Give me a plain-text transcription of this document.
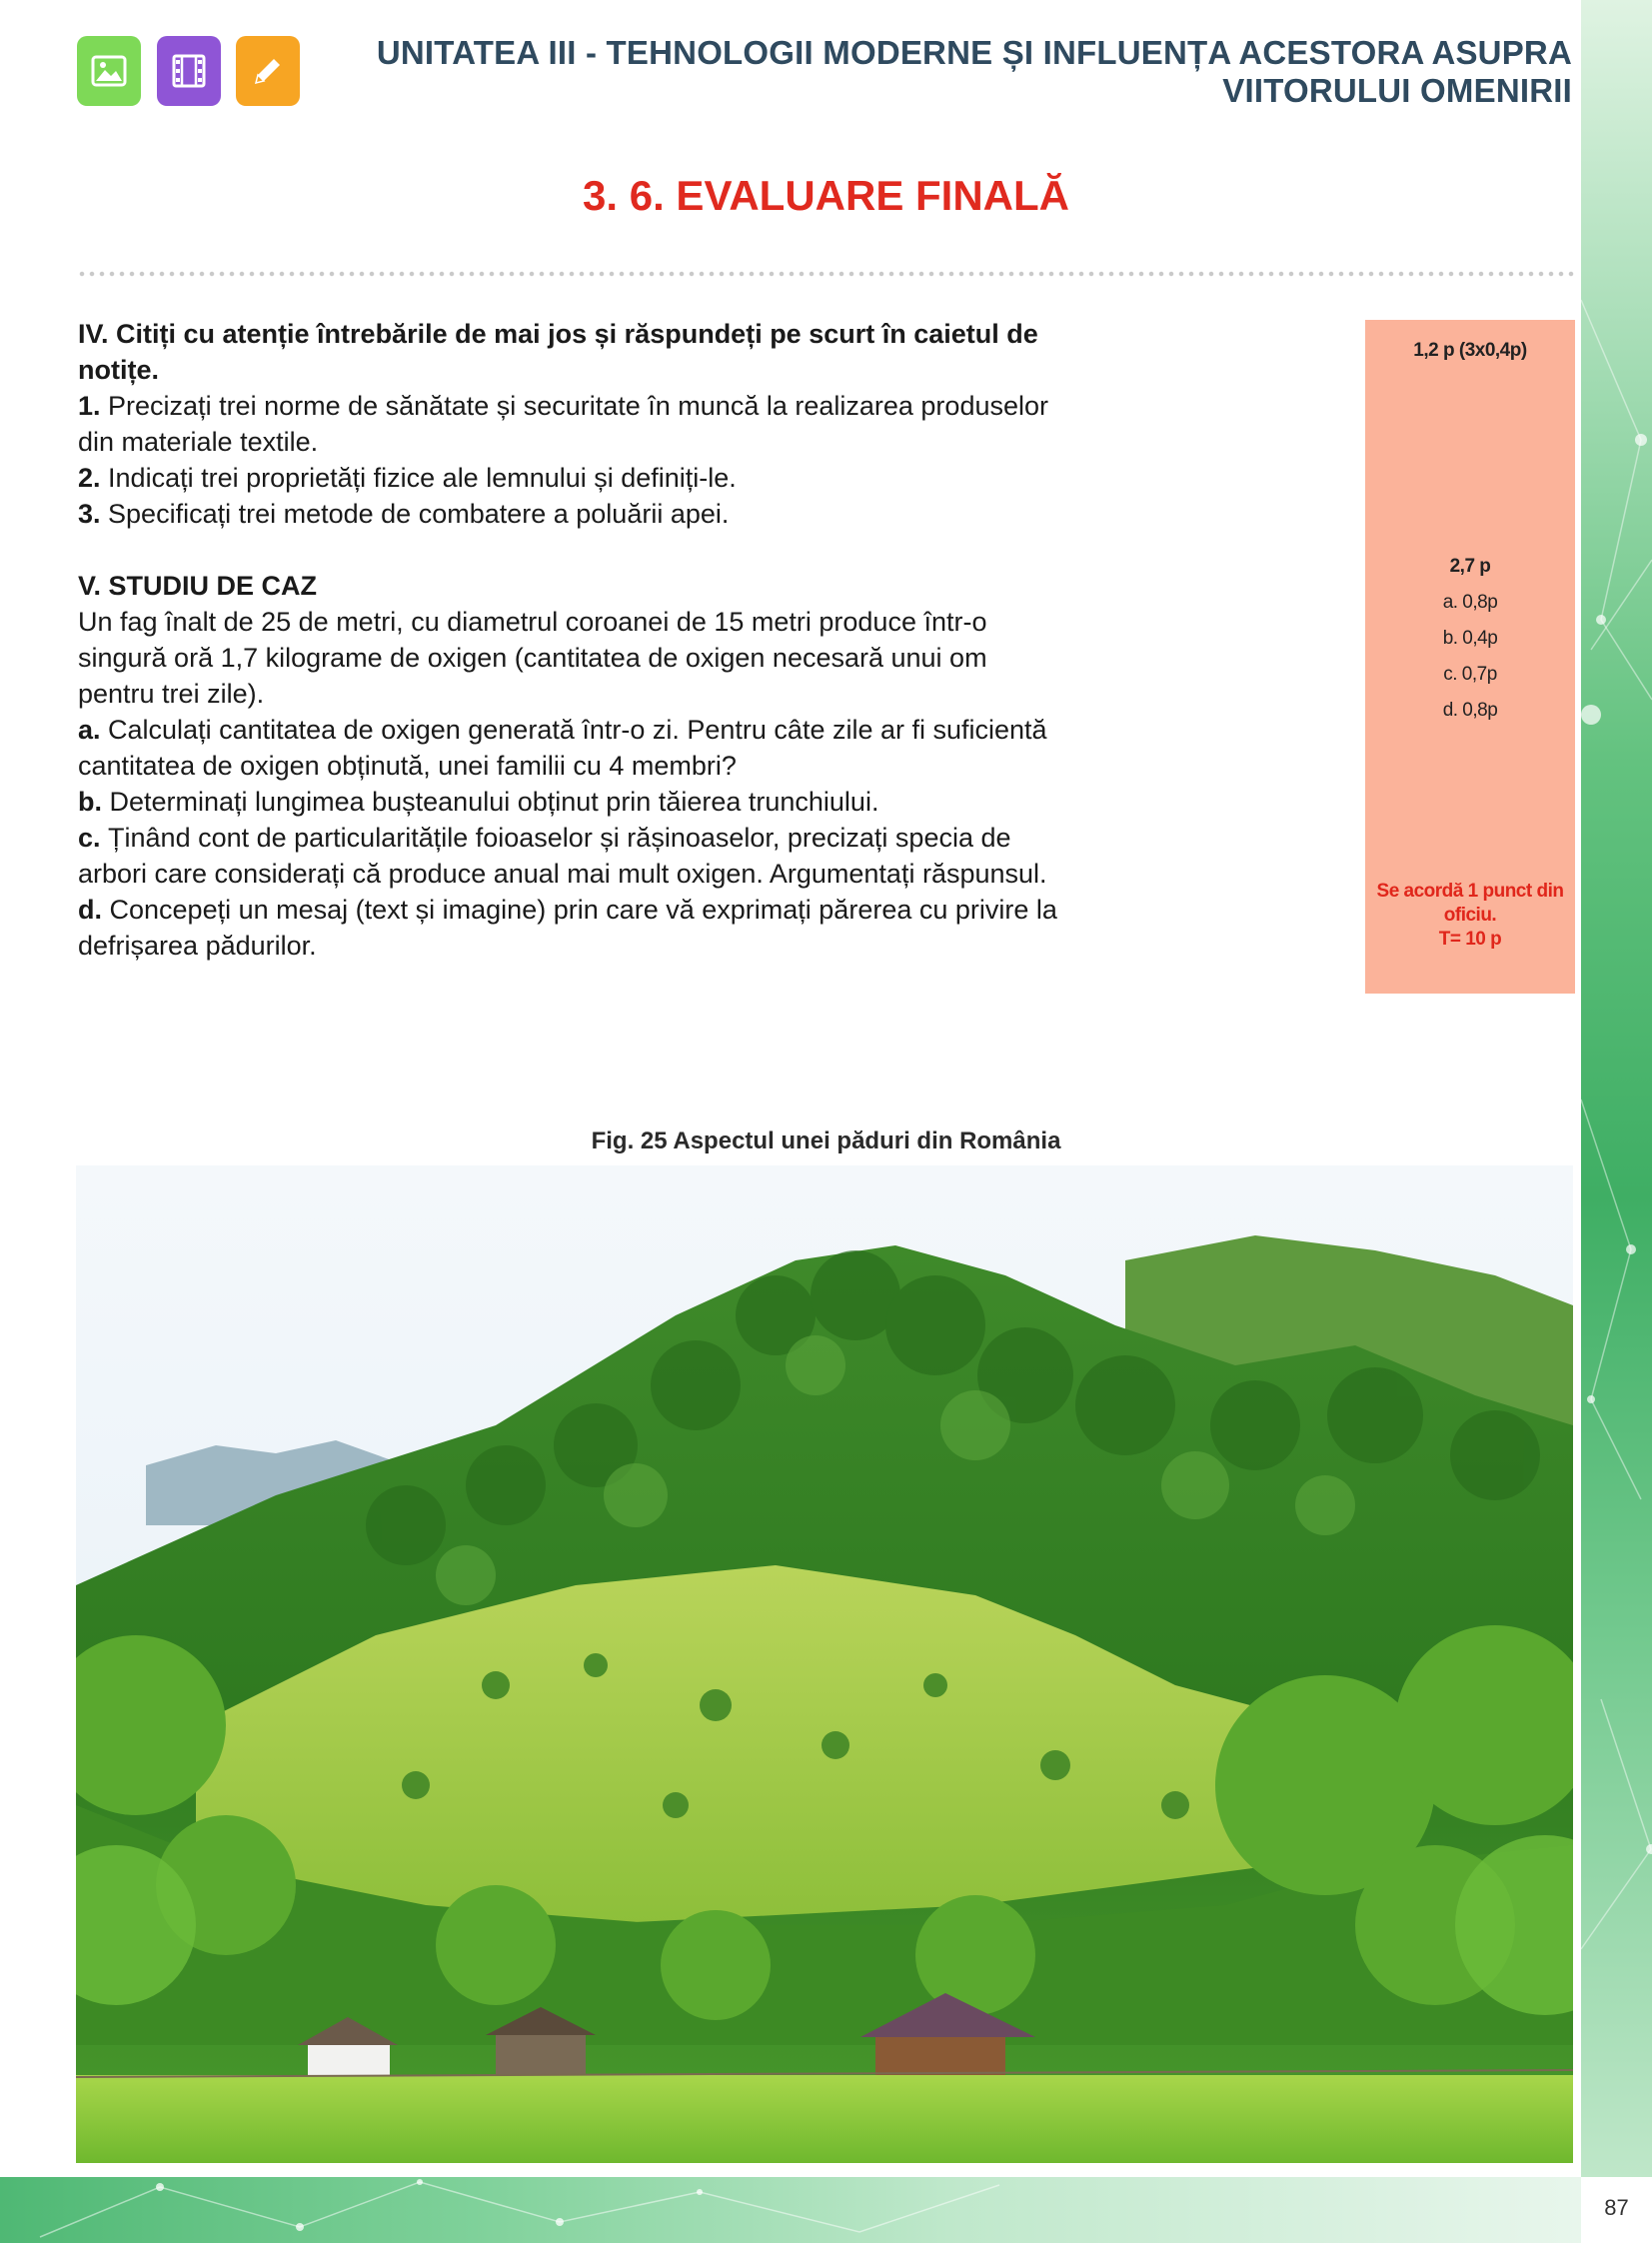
87
UNITATEA III - TEHNOLOGII MODERNE ȘI INFLUENȚA ACESTORA ASUPRA
VIITORULUI OMENIRII
3. 6. EVALUARE FINALĂ

IV. Citiți cu atenție întrebările de mai jos și răspundeți pe scurt în caietul de

notițe.

1. Precizați trei norme de sănătate și securitate în muncă la realizarea produselor

din materiale textile.

2. Indicați trei proprietăți fizice ale lemnului și definiți-le.

3. Specificați trei metode de combatere a poluării apei.

V. STUDIU DE CAZ

Un fag înalt de 25 de metri, cu diametrul coroanei de 15 metri produce într-o

singură oră 1,7 kilograme de oxigen (cantitatea de oxigen necesară unui om

pentru trei zile).

a. Calculați cantitatea de oxigen generată într-o zi. Pentru câte zile ar fi suficientă

cantitatea de oxigen obținută, unei familii cu 4 membri?

b. Determinați lungimea bușteanului obținut prin tăierea trunchiului.

c. Ținând cont de particularitățile foioaselor și rășinoaselor, precizați specia de

arbori care considerați că produce anual mai mult oxigen. Argumentați răspunsul.

d. Concepeți un mesaj (text și imagine) prin care vă exprimați părerea cu privire la

defrișarea pădurilor.

1,2 p (3x0,4p)
2,7 p
a. 0,8p
b. 0,4p
c. 0,7p
d. 0,8p
Se acordă 1 punct din
oficiu.
T= 10 p
Fig. 25 Aspectul unei păduri din România
